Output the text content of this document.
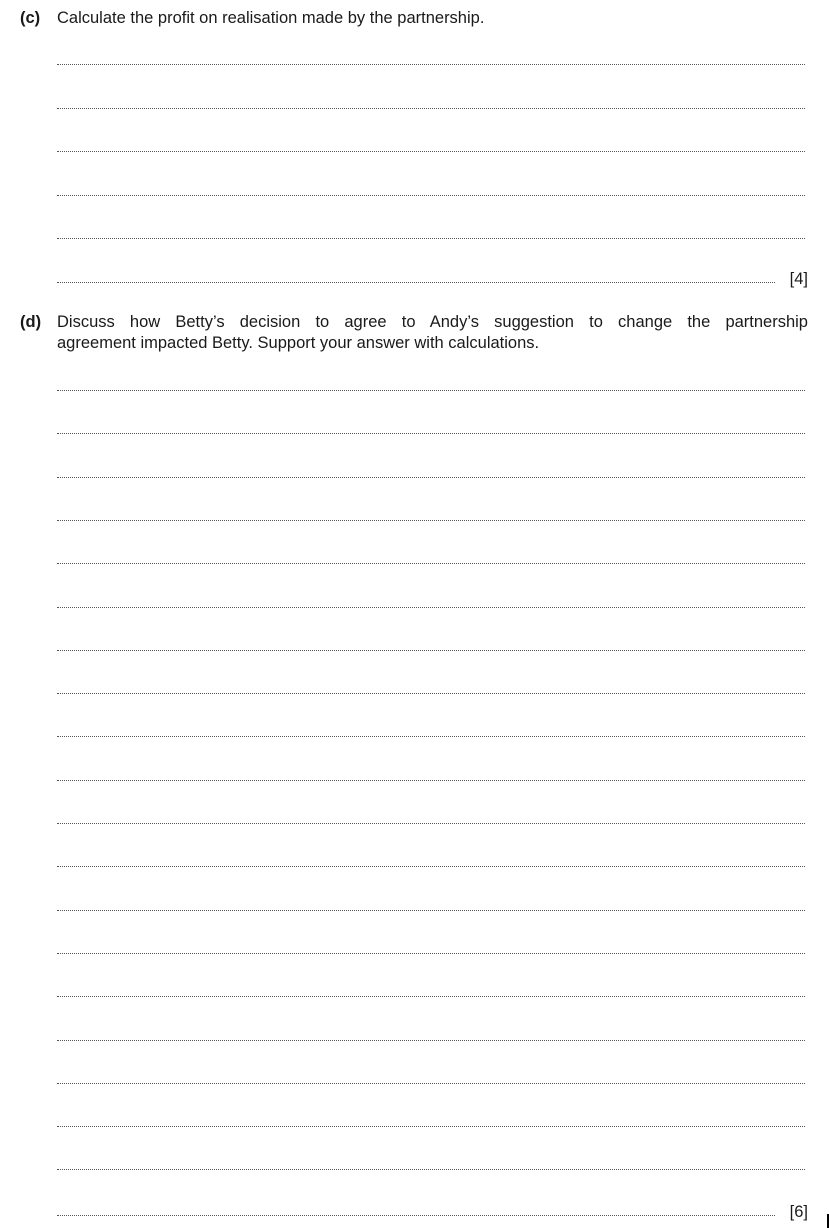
(c) Calculate the profit on realisation made by the partnership.
[4]
(d) Discuss how Betty’s decision to agree to Andy’s suggestion to change the partnership
agreement impacted Betty. Support your answer with calculations.
[6]
